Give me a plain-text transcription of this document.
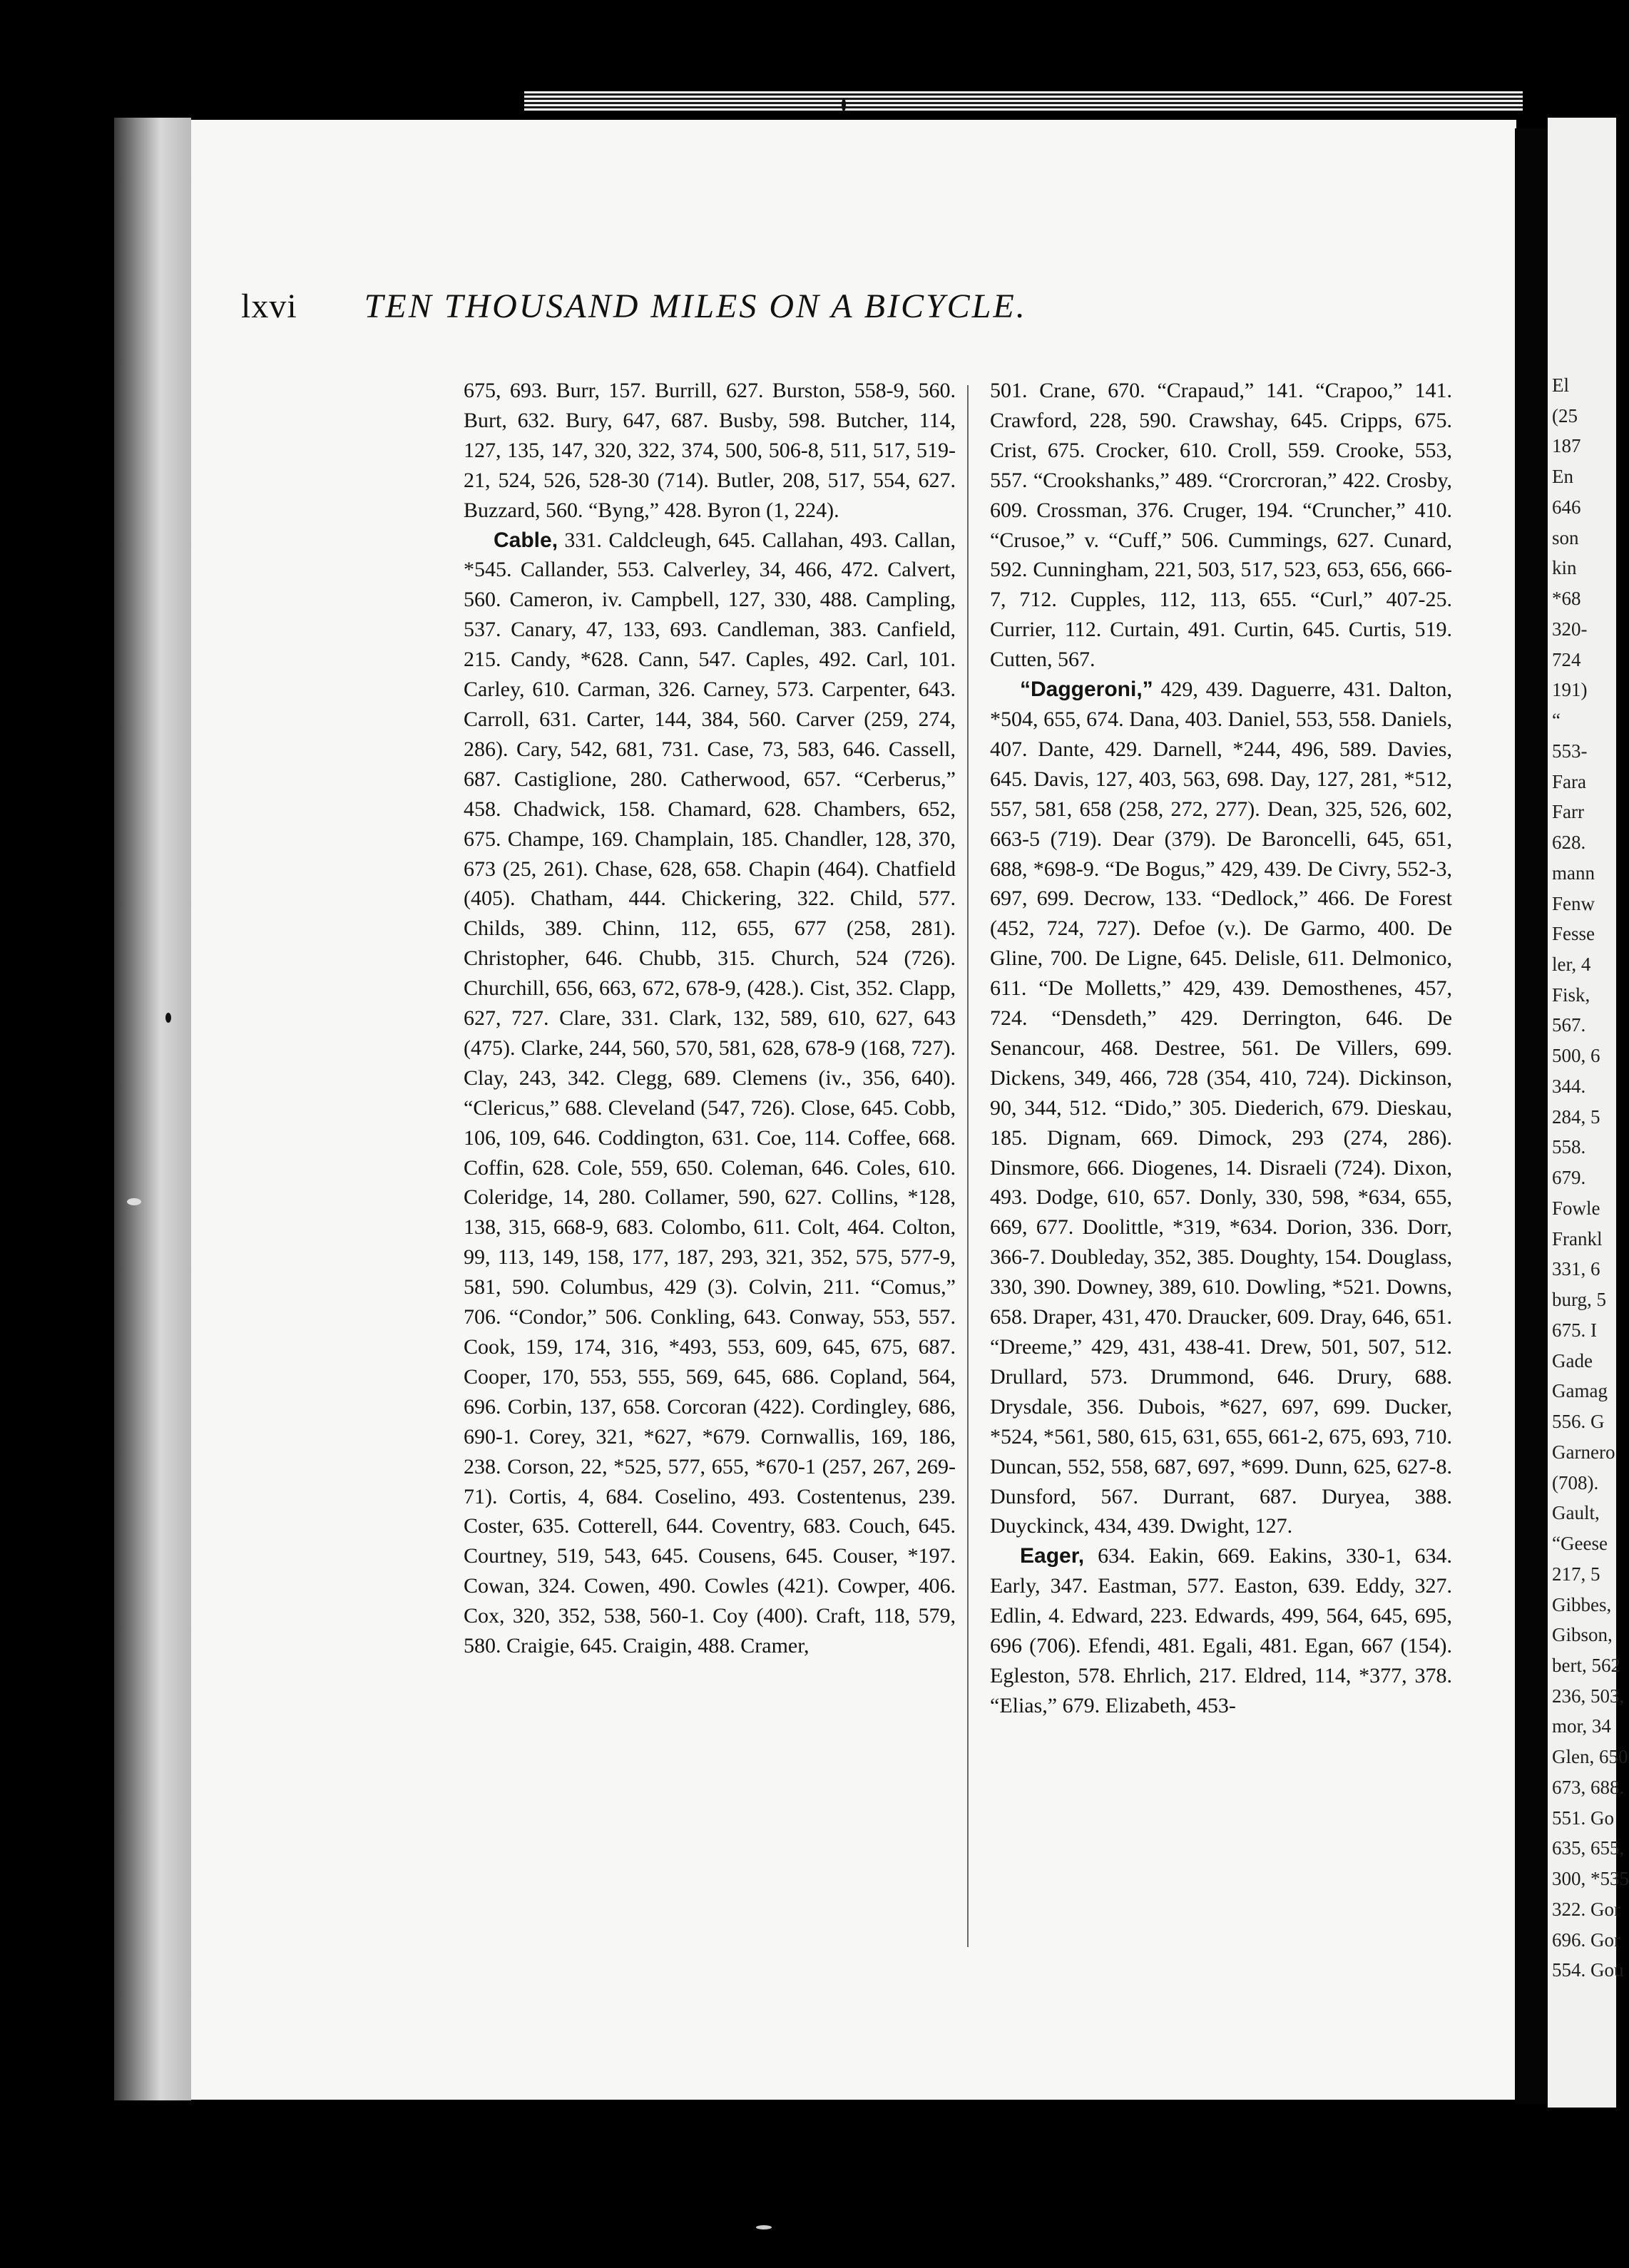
lxvi TEN THOUSAND MILES ON A BICYCLE.

675, 693. Burr, 157. Burrill, 627. Burston, 558-9, 560. Burt, 632. Bury, 647, 687. Busby, 598. Butcher, 114, 127, 135, 147, 320, 322, 374, 500, 506-8, 511, 517, 519-21, 524, 526, 528-30 (714). Butler, 208, 517, 554, 627. Buzzard, 560. “Byng,” 428. Byron (1, 224).

Cable, 331. Caldcleugh, 645. Callahan, 493. Callan, *545. Callander, 553. Calverley, 34, 466, 472. Calvert, 560. Cameron, iv. Campbell, 127, 330, 488. Campling, 537. Canary, 47, 133, 693. Candleman, 383. Canfield, 215. Candy, *628. Cann, 547. Caples, 492. Carl, 101. Carley, 610. Carman, 326. Carney, 573. Carpenter, 643. Carroll, 631. Carter, 144, 384, 560. Carver (259, 274, 286). Cary, 542, 681, 731. Case, 73, 583, 646. Cassell, 687. Castiglione, 280. Catherwood, 657. “Cerberus,” 458. Chadwick, 158. Chamard, 628. Chambers, 652, 675. Champe, 169. Champlain, 185. Chandler, 128, 370, 673 (25, 261). Chase, 628, 658. Chapin (464). Chatfield (405). Chatham, 444. Chickering, 322. Child, 577. Childs, 389. Chinn, 112, 655, 677 (258, 281). Christopher, 646. Chubb, 315. Church, 524 (726). Churchill, 656, 663, 672, 678-9, (428.). Cist, 352. Clapp, 627, 727. Clare, 331. Clark, 132, 589, 610, 627, 643 (475). Clarke, 244, 560, 570, 581, 628, 678-9 (168, 727). Clay, 243, 342. Clegg, 689. Clemens (iv., 356, 640). “Clericus,” 688. Cleveland (547, 726). Close, 645. Cobb, 106, 109, 646. Coddington, 631. Coe, 114. Coffee, 668. Coffin, 628. Cole, 559, 650. Coleman, 646. Coles, 610. Coleridge, 14, 280. Collamer, 590, 627. Collins, *128, 138, 315, 668-9, 683. Colombo, 611. Colt, 464. Colton, 99, 113, 149, 158, 177, 187, 293, 321, 352, 575, 577-9, 581, 590. Columbus, 429 (3). Colvin, 211. “Comus,” 706. “Condor,” 506. Conkling, 643. Conway, 553, 557. Cook, 159, 174, 316, *493, 553, 609, 645, 675, 687. Cooper, 170, 553, 555, 569, 645, 686. Copland, 564, 696. Corbin, 137, 658. Corcoran (422). Cordingley, 686, 690-1. Corey, 321, *627, *679. Cornwallis, 169, 186, 238. Corson, 22, *525, 577, 655, *670-1 (257, 267, 269-71). Cortis, 4, 684. Coselino, 493. Costentenus, 239. Coster, 635. Cotterell, 644. Coventry, 683. Couch, 645. Courtney, 519, 543, 645. Cousens, 645. Couser, *197. Cowan, 324. Cowen, 490. Cowles (421). Cowper, 406. Cox, 320, 352, 538, 560-1. Coy (400). Craft, 118, 579, 580. Craigie, 645. Craigin, 488. Cramer,

501. Crane, 670. “Crapaud,” 141. “Crapoo,” 141. Crawford, 228, 590. Crawshay, 645. Cripps, 675. Crist, 675. Crocker, 610. Croll, 559. Crooke, 553, 557. “Crookshanks,” 489. “Crorcroran,” 422. Crosby, 609. Crossman, 376. Cruger, 194. “Cruncher,” 410. “Crusoe,” v. “Cuff,” 506. Cummings, 627. Cunard, 592. Cunningham, 221, 503, 517, 523, 653, 656, 666-7, 712. Cupples, 112, 113, 655. “Curl,” 407-25. Currier, 112. Curtain, 491. Curtin, 645. Curtis, 519. Cutten, 567.

“Daggeroni,” 429, 439. Daguerre, 431. Dalton, *504, 655, 674. Dana, 403. Daniel, 553, 558. Daniels, 407. Dante, 429. Darnell, *244, 496, 589. Davies, 645. Davis, 127, 403, 563, 698. Day, 127, 281, *512, 557, 581, 658 (258, 272, 277). Dean, 325, 526, 602, 663-5 (719). Dear (379). De Baroncelli, 645, 651, 688, *698-9. “De Bogus,” 429, 439. De Civry, 552-3, 697, 699. Decrow, 133. “Dedlock,” 466. De Forest (452, 724, 727). Defoe (v.). De Garmo, 400. De Gline, 700. De Ligne, 645. Delisle, 611. Delmonico, 611. “De Molletts,” 429, 439. Demosthenes, 457, 724. “Densdeth,” 429. Derrington, 646. De Senancour, 468. Destree, 561. De Villers, 699. Dickens, 349, 466, 728 (354, 410, 724). Dickinson, 90, 344, 512. “Dido,” 305. Diederich, 679. Dieskau, 185. Dignam, 669. Dimock, 293 (274, 286). Dinsmore, 666. Diogenes, 14. Disraeli (724). Dixon, 493. Dodge, 610, 657. Donly, 330, 598, *634, 655, 669, 677. Doolittle, *319, *634. Dorion, 336. Dorr, 366-7. Doubleday, 352, 385. Doughty, 154. Douglass, 330, 390. Downey, 389, 610. Dowling, *521. Downs, 658. Draper, 431, 470. Draucker, 609. Dray, 646, 651. “Dreeme,” 429, 431, 438-41. Drew, 501, 507, 512. Drullard, 573. Drummond, 646. Drury, 688. Drysdale, 356. Dubois, *627, 697, 699. Ducker, *524, *561, 580, 615, 631, 655, 661-2, 675, 693, 710. Duncan, 552, 558, 687, 697, *699. Dunn, 625, 627-8. Dunsford, 567. Durrant, 687. Duryea, 388. Duyckinck, 434, 439. Dwight, 127.

Eager, 634. Eakin, 669. Eakins, 330-1, 634. Early, 347. Eastman, 577. Easton, 639. Eddy, 327. Edlin, 4. Edward, 223. Edwards, 499, 564, 645, 695, 696 (706). Efendi, 481. Egali, 481. Egan, 667 (154). Egleston, 578. Ehrlich, 217. Eldred, 114, *377, 378. “Elias,” 679. Elizabeth, 453-

El
(25
187
En
646
son
kin
*68
320-
724
191)
“
553-
Fara
Farr
628.
mann
Fenw
Fesse
ler, 4
Fisk,
567.
500, 6
344.
284, 5
558.
679.
Fowle
Frankl
331, 6
burg, 5
675. I
Gade
Gamag
556. G
Garnero
(708).
Gault,
“Geese
217, 5
Gibbes,
Gibson,
bert, 562
236, 503,
mor, 34
Glen, 650
673, 688.
551. Go
635, 655,
300, *535
322. Gor
696. Gor
554. Gou
